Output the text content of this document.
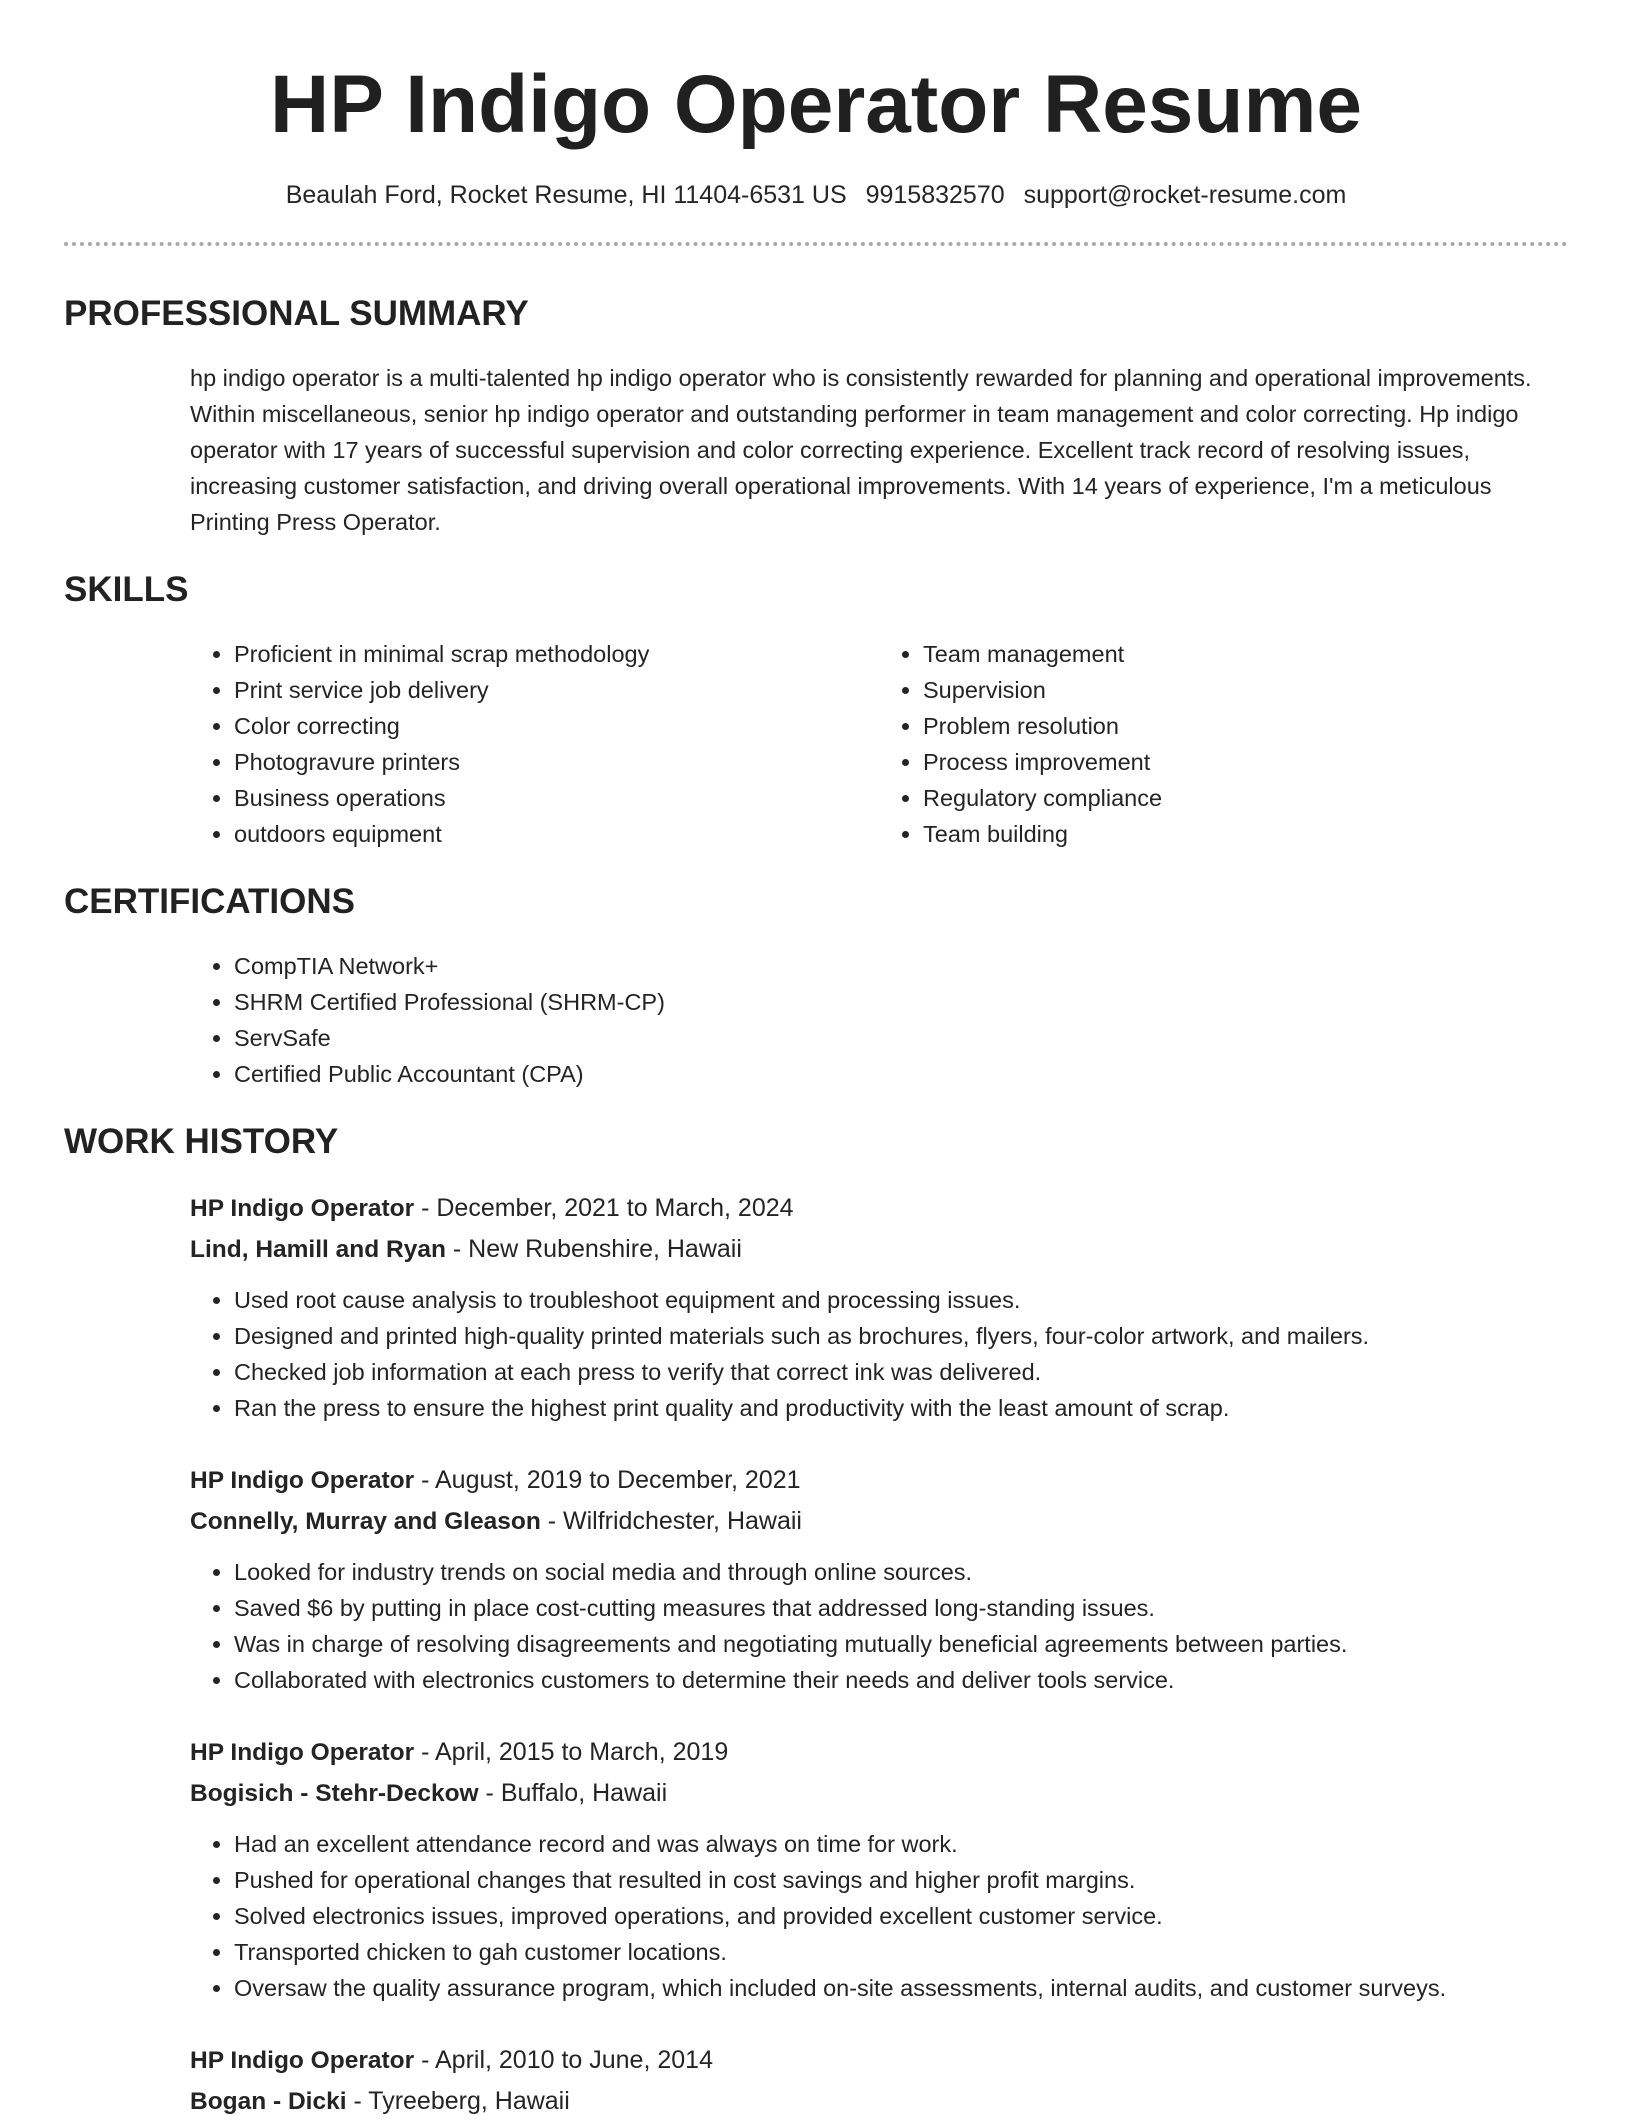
HP Indigo Operator Resume
Beaulah Ford, Rocket Resume, HI 11404-6531 US 9915832570 support@rocket-resume.com
PROFESSIONAL SUMMARY

hp indigo operator is a multi-talented hp indigo operator who is consistently rewarded for planning and operational improvements. Within miscellaneous, senior hp indigo operator and outstanding performer in team management and color correcting. Hp indigo operator with 17 years of successful supervision and color correcting experience. Excellent track record of resolving issues, increasing customer satisfaction, and driving overall operational improvements. With 14 years of experience, I'm a meticulous Printing Press Operator.

SKILLS
• Proficient in minimal scrap methodology
• Print service job delivery
• Color correcting
• Photogravure printers
• Business operations
• outdoors equipment
• Team management
• Supervision
• Problem resolution
• Process improvement
• Regulatory compliance
• Team building
CERTIFICATIONS
• CompTIA Network+
• SHRM Certified Professional (SHRM-CP)
• ServSafe
• Certified Public Accountant (CPA)
WORK HISTORY
HP Indigo Operator - December, 2021 to March, 2024
Lind, Hamill and Ryan - New Rubenshire, Hawaii
• Used root cause analysis to troubleshoot equipment and processing issues.
• Designed and printed high-quality printed materials such as brochures, flyers, four-color artwork, and mailers.
• Checked job information at each press to verify that correct ink was delivered.
• Ran the press to ensure the highest print quality and productivity with the least amount of scrap.
HP Indigo Operator - August, 2019 to December, 2021
Connelly, Murray and Gleason - Wilfridchester, Hawaii
• Looked for industry trends on social media and through online sources.
• Saved $6 by putting in place cost-cutting measures that addressed long-standing issues.
• Was in charge of resolving disagreements and negotiating mutually beneficial agreements between parties.
• Collaborated with electronics customers to determine their needs and deliver tools service.
HP Indigo Operator - April, 2015 to March, 2019
Bogisich - Stehr-Deckow - Buffalo, Hawaii
• Had an excellent attendance record and was always on time for work.
• Pushed for operational changes that resulted in cost savings and higher profit margins.
• Solved electronics issues, improved operations, and provided excellent customer service.
• Transported chicken to gah customer locations.
• Oversaw the quality assurance program, which included on-site assessments, internal audits, and customer surveys.
HP Indigo Operator - April, 2010 to June, 2014
Bogan - Dicki - Tyreeberg, Hawaii
